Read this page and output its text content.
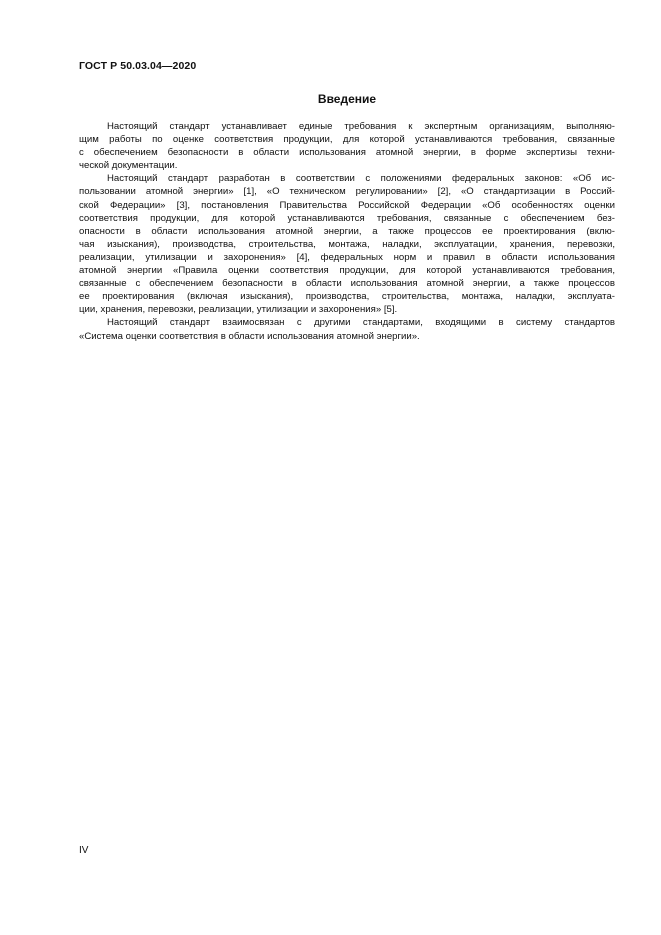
ГОСТ Р 50.03.04—2020
Введение
Настоящий стандарт устанавливает единые требования к экспертным организациям, выполняю-
щим работы по оценке соответствия продукции, для которой устанавливаются требования, связанные
с обеспечением безопасности в области использования атомной энергии, в форме экспертизы техни-
ческой документации.
Настоящий стандарт разработан в соответствии с положениями федеральных законов: «Об ис-
пользовании атомной энергии» [1], «О техническом регулировании» [2], «О стандартизации в Россий-
ской Федерации» [3], постановления Правительства Российской Федерации «Об особенностях оценки
соответствия продукции, для которой устанавливаются требования, связанные с обеспечением без-
опасности в области использования атомной энергии, а также процессов ее проектирования (вклю-
чая изыскания), производства, строительства, монтажа, наладки, эксплуатации, хранения, перевозки,
реализации, утилизации и захоронения» [4], федеральных норм и правил в области использования
атомной энергии «Правила оценки соответствия продукции, для которой устанавливаются требования,
связанные с обеспечением безопасности в области использования атомной энергии, а также процессов
ее проектирования (включая изыскания), производства, строительства, монтажа, наладки, эксплуата-
ции, хранения, перевозки, реализации, утилизации и захоронения» [5].
Настоящий стандарт взаимосвязан с другими стандартами, входящими в систему стандартов
«Система оценки соответствия в области использования атомной энергии».
IV
